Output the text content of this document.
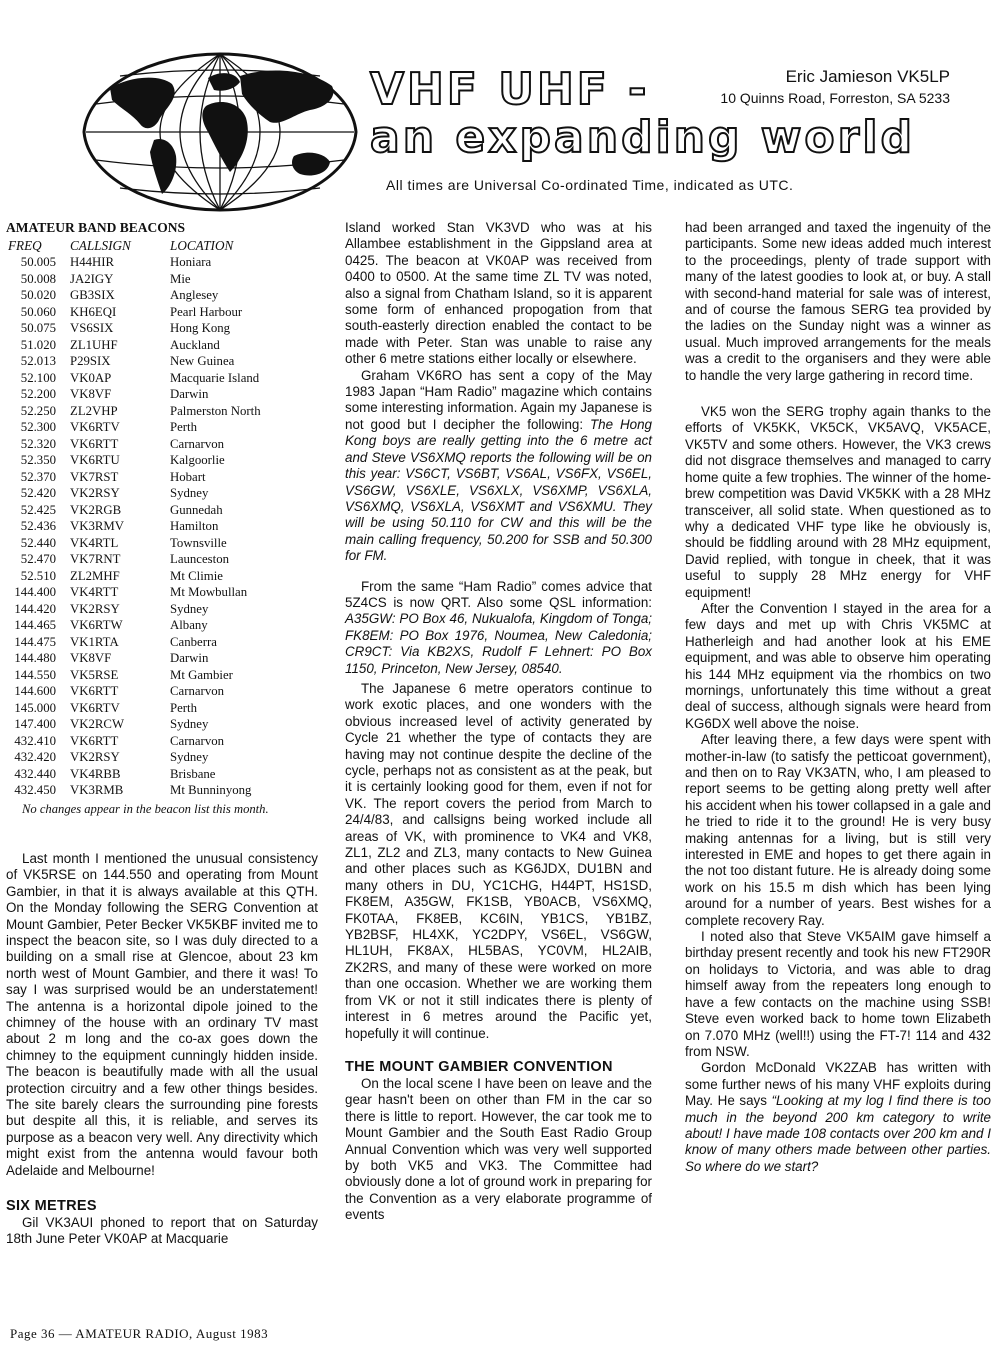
VHF UHF -
an expanding world
Eric Jamieson VK5LP
10 Quinns Road, Forreston, SA 5233
All times are Universal Co-ordinated Time, indicated as UTC.
AMATEUR BAND BEACONS
FREQ	CALLSIGN	LOCATION
50.005	H44HIR	Honiara
50.008	JA2IGY	Mie
50.020	GB3SIX	Anglesey
50.060	KH6EQI	Pearl Harbour
50.075	VS6SIX	Hong Kong
51.020	ZL1UHF	Auckland
52.013	P29SIX	New Guinea
52.100	VK0AP	Macquarie Island
52.200	VK8VF	Darwin
52.250	ZL2VHP	Palmerston North
52.300	VK6RTV	Perth
52.320	VK6RTT	Carnarvon
52.350	VK6RTU	Kalgoorlie
52.370	VK7RST	Hobart
52.420	VK2RSY	Sydney
52.425	VK2RGB	Gunnedah
52.436	VK3RMV	Hamilton
52.440	VK4RTL	Townsville
52.470	VK7RNT	Launceston
52.510	ZL2MHF	Mt Climie
144.400	VK4RTT	Mt Mowbullan
144.420	VK2RSY	Sydney
144.465	VK6RTW	Albany
144.475	VK1RTA	Canberra
144.480	VK8VF	Darwin
144.550	VK5RSE	Mt Gambier
144.600	VK6RTT	Carnarvon
145.000	VK6RTV	Perth
147.400	VK2RCW	Sydney
432.410	VK6RTT	Carnarvon
432.420	VK2RSY	Sydney
432.440	VK4RBB	Brisbane
432.450	VK3RMB	Mt Bunninyong

No changes appear in the beacon list this month.

Last month I mentioned the unusual consistency of VK5RSE on 144.550 and operating from Mount Gambier, in that it is always available at this QTH. On the Monday following the SERG Convention at Mount Gambier, Peter Becker VK5KBF invited me to inspect the beacon site, so I was duly directed to a building on a small rise at Glencoe, about 23 km north west of Mount Gambier, and there it was! To say I was surprised would be an understatement! The antenna is a horizontal dipole joined to the chimney of the house with an ordinary TV mast about 2 m long and the co-ax goes down the chimney to the equipment cunningly hidden inside. The beacon is beautifully made with all the usual protection circuitry and a few other things besides. The site barely clears the surrounding pine forests but despite all this, it is reliable, and serves its purpose as a beacon very well. Any directivity which might exist from the antenna would favour both Adelaide and Melbourne!

SIX METRES

Gil VK3AUI phoned to report that on Saturday 18th June Peter VK0AP at Macquarie

Island worked Stan VK3VD who was at his Allambee establishment in the Gippsland area at 0425. The beacon at VK0AP was received from 0400 to 0500. At the same time ZL TV was noted, also a signal from Chatham Island, so it is apparent some form of enhanced propogation from that south-easterly direction enabled the contact to be made with Peter. Stan was unable to raise any other 6 metre stations either locally or elsewhere.

Graham VK6RO has sent a copy of the May 1983 Japan “Ham Radio” magazine which contains some interesting information. Again my Japanese is not good but I decipher the following: The Hong Kong boys are really getting into the 6 metre act and Steve VS6XMQ reports the following will be on this year: VS6CT, VS6BT, VS6AL, VS6FX, VS6EL, VS6GW, VS6XLE, VS6XLX, VS6XMP, VS6XLA, VS6XMQ, VS6XLA, VS6XMT and VS6XMU. They will be using 50.110 for CW and this will be the main calling frequency, 50.200 for SSB and 50.300 for FM.

From the same “Ham Radio” comes advice that 5Z4CS is now QRT. Also some QSL information: A35GW: PO Box 46, Nukualofa, Kingdom of Tonga; FK8EM: PO Box 1976, Noumea, New Caledonia; CR9CT: Via KB2XS, Rudolf F Lehnert: PO Box 1150, Princeton, New Jersey, 08540.

The Japanese 6 metre operators continue to work exotic places, and one wonders with the obvious increased level of activity generated by Cycle 21 whether the type of contacts they are having may not continue despite the decline of the cycle, perhaps not as consistent as at the peak, but it is certainly looking good for them, even if not for VK. The report covers the period from March to 24/4/83, and callsigns being worked include all areas of VK, with prominence to VK4 and VK8, ZL1, ZL2 and ZL3, many contacts to New Guinea and other places such as KG6JDX, DU1BN and many others in DU, YC1CHG, H44PT, HS1SD, FK8EM, A35GW, FK1SB, YB0ACB, VS6XMQ, FK0TAA, FK8EB, KC6IN, YB1CS, YB1BZ, YB2BSF, HL4XK, YC2DPY, VS6EL, VS6GW, HL1UH, FK8AX, HL5BAS, YC0VM, HL2AIB, ZK2RS, and many of these were worked on more than one occasion. Whether we are working them from VK or not it still indicates there is plenty of interest in 6 metres around the Pacific yet, hopefully it will continue.

THE MOUNT GAMBIER CONVENTION

On the local scene I have been on leave and the gear hasn't been on other than FM in the car so there is little to report. However, the car took me to Mount Gambier and the South East Radio Group Annual Convention which was very well supported by both VK5 and VK3. The Committee had obviously done a lot of ground work in preparing for the Convention as a very elaborate programme of events

had been arranged and taxed the ingenuity of the participants. Some new ideas added much interest to the proceedings, plenty of trade support with many of the latest goodies to look at, or buy. A stall with second-hand material for sale was of interest, and of course the famous SERG tea provided by the ladies on the Sunday night was a winner as usual. Much improved arrangements for the meals was a credit to the organisers and they were able to handle the very large gathering in record time.

VK5 won the SERG trophy again thanks to the efforts of VK5KK, VK5CK, VK5AVQ, VK5ACE, VK5TV and some others. However, the VK3 crews did not disgrace themselves and managed to carry home quite a few trophies. The winner of the home-brew competition was David VK5KK with a 28 MHz transceiver, all solid state. When questioned as to why a dedicated VHF type like he obviously is, should be fiddling around with 28 MHz equipment, David replied, with tongue in cheek, that it was useful to supply 28 MHz energy for VHF equipment!

After the Convention I stayed in the area for a few days and met up with Chris VK5MC at Hatherleigh and had another look at his EME equipment, and was able to observe him operating his 144 MHz equipment via the rhombics on two mornings, unfortunately this time without a great deal of success, although signals were heard from KG6DX well above the noise.

After leaving there, a few days were spent with mother-in-law (to satisfy the petticoat government), and then on to Ray VK3ATN, who, I am pleased to report seems to be getting along pretty well after his accident when his tower collapsed in a gale and he tried to ride it to the ground! He is very busy making antennas for a living, but is still very interested in EME and hopes to get there again in the not too distant future. He is already doing some work on his 15.5 m dish which has been lying around for a number of years. Best wishes for a complete recovery Ray.

I noted also that Steve VK5AIM gave himself a birthday present recently and took his new FT290R on holidays to Victoria, and was able to drag himself away from the repeaters long enough to have a few contacts on the machine using SSB! Steve even worked back to home town Elizabeth on 7.070 MHz (well!!) using the FT-7! 114 and 432 from NSW.

Gordon McDonald VK2ZAB has written with some further news of his many VHF exploits during May. He says “Looking at my log I find there is too much in the beyond 200 km category to write about! I have made 108 contacts over 200 km and I know of many others made between other parties. So where do we start?

Page 36 — AMATEUR RADIO, August 1983
